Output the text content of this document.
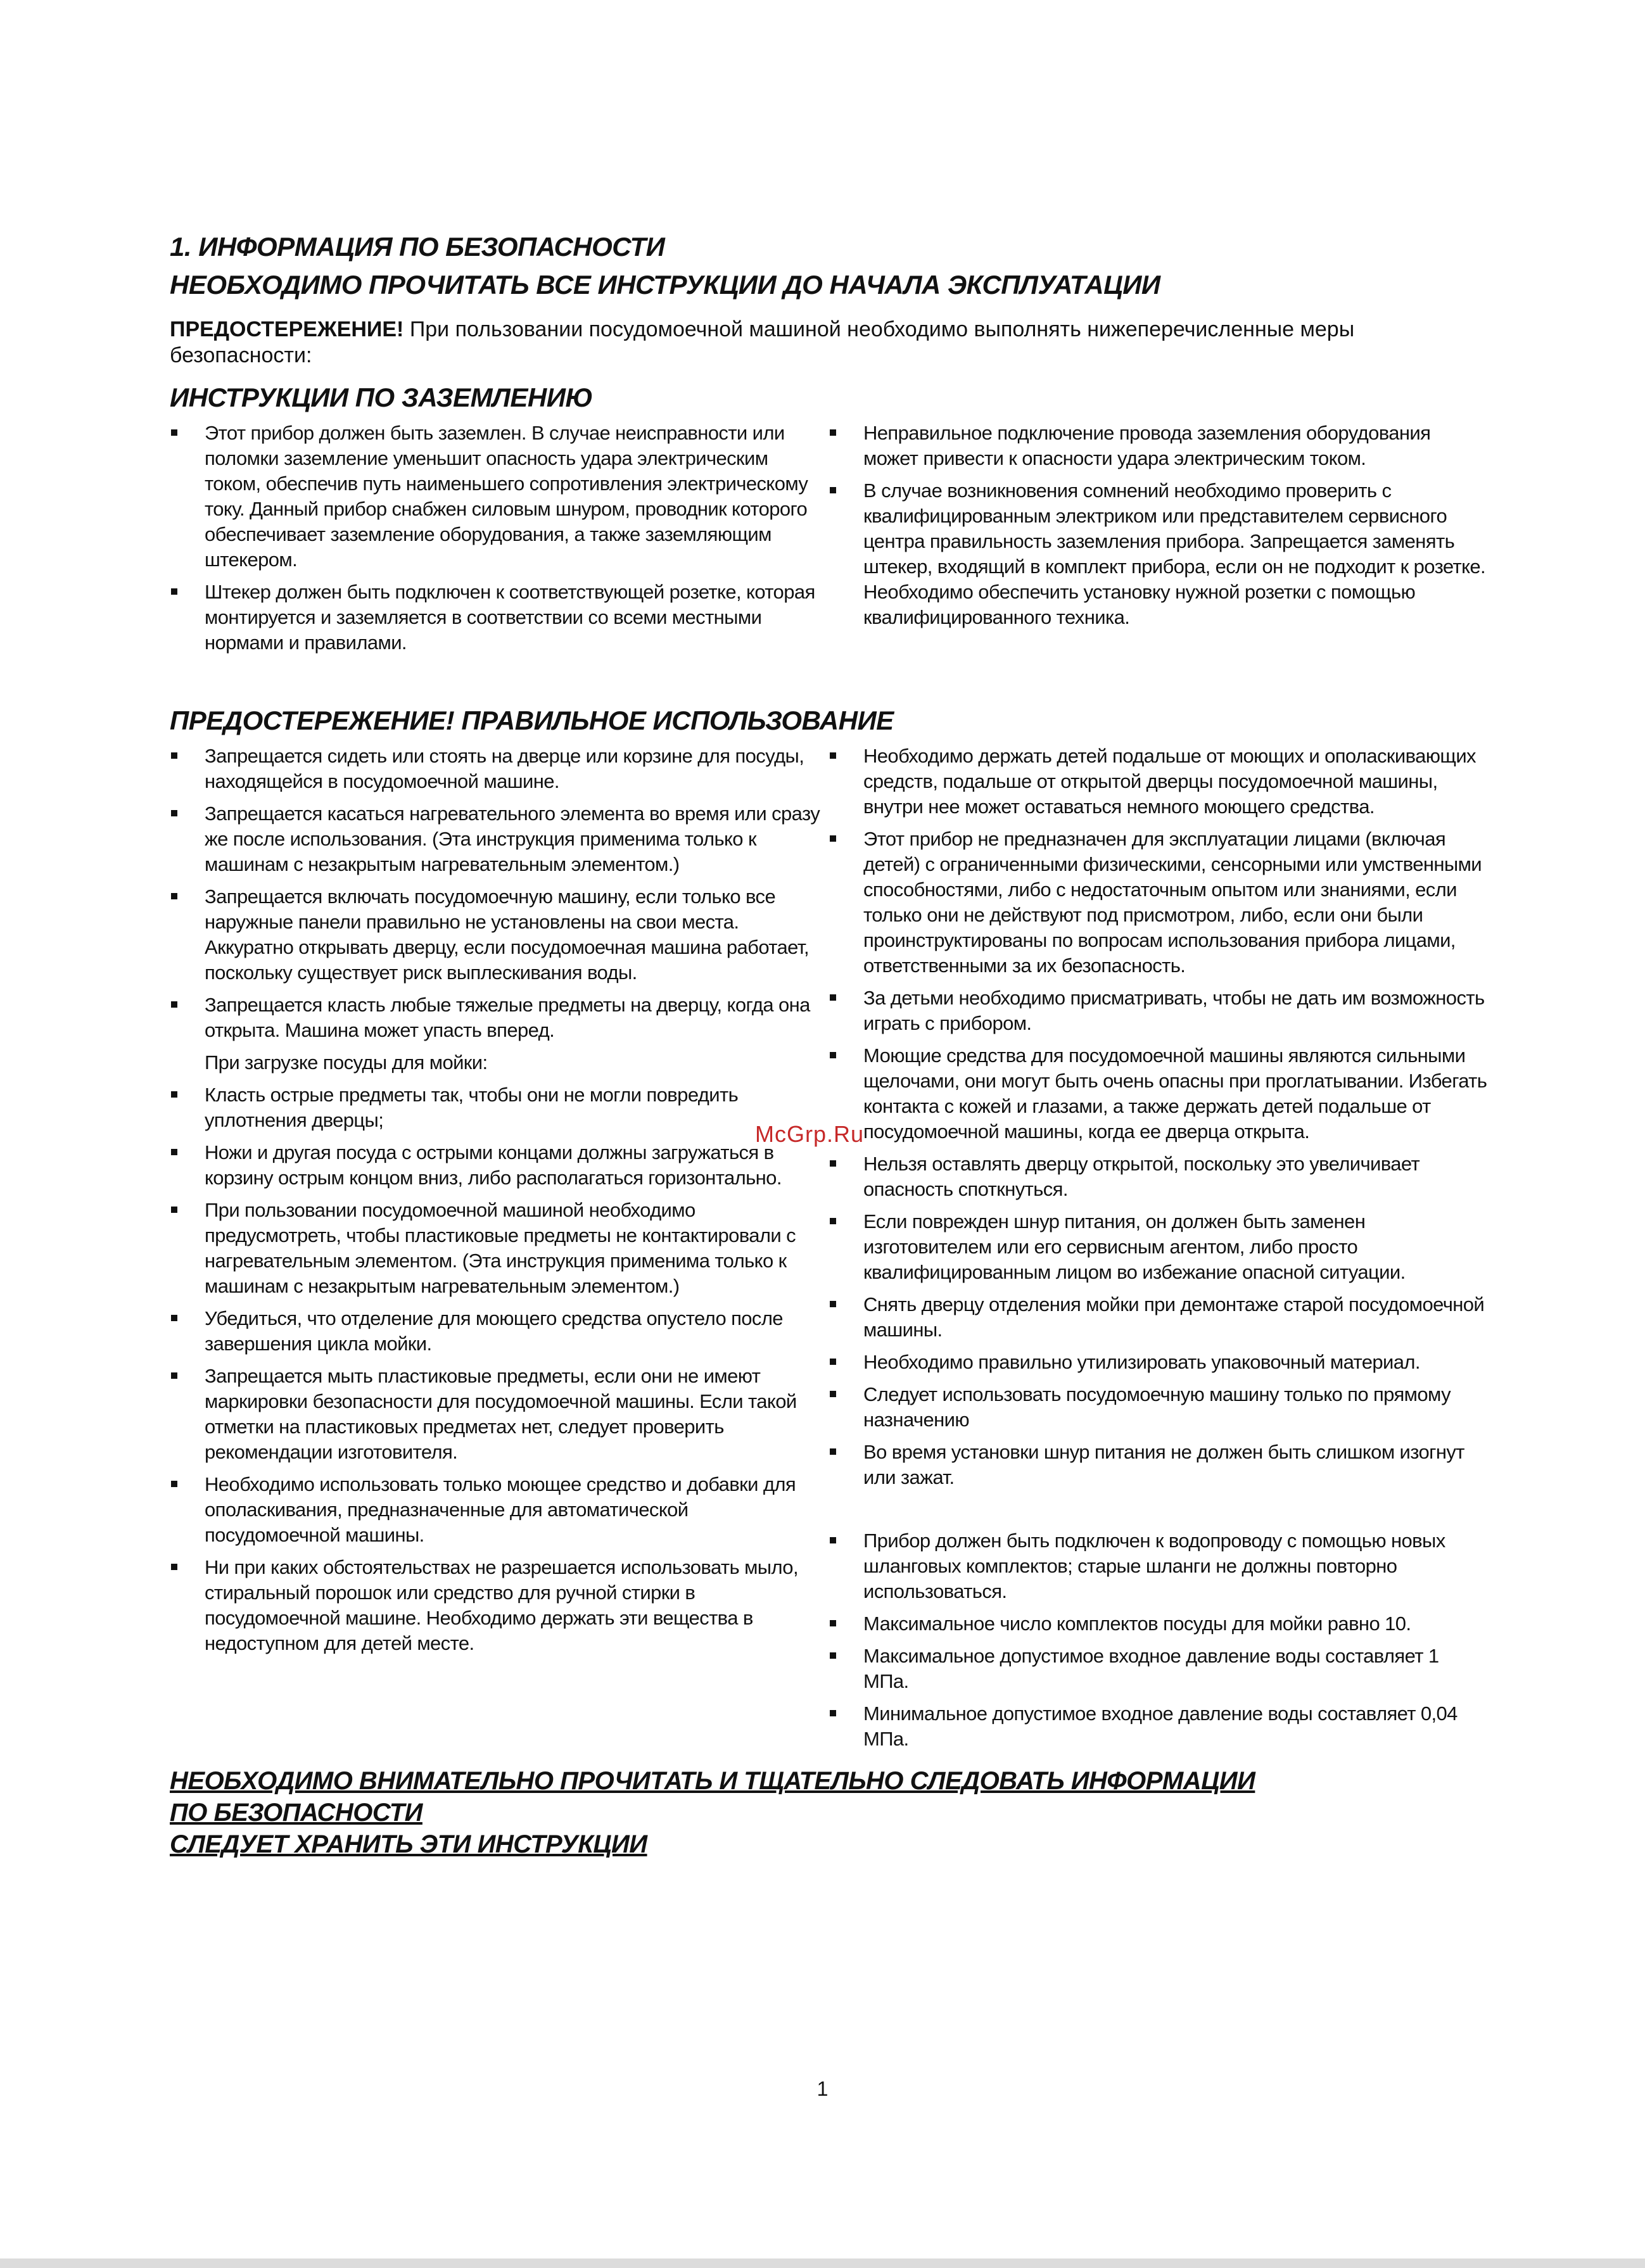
1. ИНФОРМАЦИЯ ПО БЕЗОПАСНОСТИ
НЕОБХОДИМО ПРОЧИТАТЬ ВСЕ ИНСТРУКЦИИ ДО НАЧАЛА ЭКСПЛУАТАЦИИ

ПРЕДОСТЕРЕЖЕНИЕ! При пользовании посудомоечной машиной необходимо выполнять нижеперечисленные меры безопасности:

ИНСТРУКЦИИ ПО ЗАЗЕМЛЕНИЮ
Этот прибор должен быть заземлен. В случае неисправности или поломки заземление уменьшит опасность удара электрическим током, обеспечив путь наименьшего сопротивления электрическому току. Данный прибор снабжен силовым шнуром, проводник которого обеспечивает заземление оборудования, а также заземляющим штекером.
Штекер должен быть подключен к соответствующей розетке, которая монтируется и заземляется в соответствии со всеми местными нормами и правилами.
Неправильное подключение провода заземления оборудования может привести к опасности удара электрическим током.
В случае возникновения сомнений необходимо проверить с квалифицированным электриком или представителем сервисного центра правильность заземления прибора. Запрещается заменять штекер, входящий в комплект прибора, если он не подходит к розетке. Необходимо обеспечить установку нужной розетки с помощью квалифицированного техника.
ПРЕДОСТЕРЕЖЕНИЕ! ПРАВИЛЬНОЕ ИСПОЛЬЗОВАНИЕ
Запрещается сидеть или стоять на дверце или корзине для посуды, находящейся в посудомоечной машине.
Запрещается касаться нагревательного элемента во время или сразу же после использования. (Эта инструкция применима только к машинам с незакрытым нагревательным элементом.)
Запрещается включать посудомоечную машину, если только все наружные панели правильно не установлены на свои места. Аккуратно открывать дверцу, если посудомоечная машина работает, поскольку существует риск выплескивания воды.
Запрещается класть любые тяжелые предметы на дверцу, когда она открыта. Машина может упасть вперед.
При загрузке посуды для мойки:
Класть острые предметы так, чтобы они не могли повредить уплотнения дверцы;
Ножи и другая посуда с острыми концами должны загружаться в корзину острым концом вниз, либо располагаться горизонтально.
При пользовании посудомоечной машиной необходимо предусмотреть, чтобы пластиковые предметы не контактировали с нагревательным элементом. (Эта инструкция применима только к машинам с незакрытым нагревательным элементом.)
Убедиться, что отделение для моющего средства опустело после завершения цикла мойки.
Запрещается мыть пластиковые предметы, если они не имеют маркировки безопасности для посудомоечной машины. Если такой отметки на пластиковых предметах нет, следует проверить рекомендации изготовителя.
Необходимо использовать только моющее средство и добавки для ополаскивания, предназначенные для автоматической посудомоечной машины.
Ни при каких обстоятельствах не разрешается использовать мыло, стиральный порошок или средство для ручной стирки в посудомоечной машине. Необходимо держать эти вещества в недоступном для детей месте.
Необходимо держать детей подальше от моющих и ополаскивающих средств, подальше от открытой дверцы посудомоечной машины, внутри нее может оставаться немного моющего средства.
Этот прибор не предназначен для эксплуатации лицами (включая детей) с ограниченными физическими, сенсорными или умственными способностями, либо с недостаточным опытом или знаниями, если только они не действуют под присмотром, либо, если они были проинструктированы по вопросам использования прибора лицами, ответственными за их безопасность.
За детьми необходимо присматривать, чтобы не дать им возможность играть с прибором.
Моющие средства для посудомоечной машины являются сильными щелочами, они могут быть очень опасны при проглатывании. Избегать контакта с кожей и глазами, а также держать детей подальше от посудомоечной машины, когда ее дверца открыта.
Нельзя оставлять дверцу открытой, поскольку это увеличивает опасность споткнуться.
Если поврежден шнур питания, он должен быть заменен изготовителем или его сервисным агентом, либо просто квалифицированным лицом во избежание опасной ситуации.
Снять дверцу отделения мойки при демонтаже старой посудомоечной машины.
Необходимо правильно утилизировать упаковочный материал.
Следует использовать посудомоечную машину только по прямому назначению
Во время установки шнур питания не должен быть слишком изогнут или зажат.
Прибор должен быть подключен к водопроводу с помощью новых шланговых комплектов; старые шланги не должны повторно использоваться.
Максимальное число комплектов посуды для мойки равно 10.
Максимальное допустимое входное давление воды составляет 1 МПа.
Минимальное допустимое входное давление воды составляет 0,04 МПа.
НЕОБХОДИМО ВНИМАТЕЛЬНО ПРОЧИТАТЬ И ТЩАТЕЛЬНО СЛЕДОВАТЬ ИНФОРМАЦИИ
ПО БЕЗОПАСНОСТИ
СЛЕДУЕТ ХРАНИТЬ ЭТИ ИНСТРУКЦИИ
McGrp.Ru
1
